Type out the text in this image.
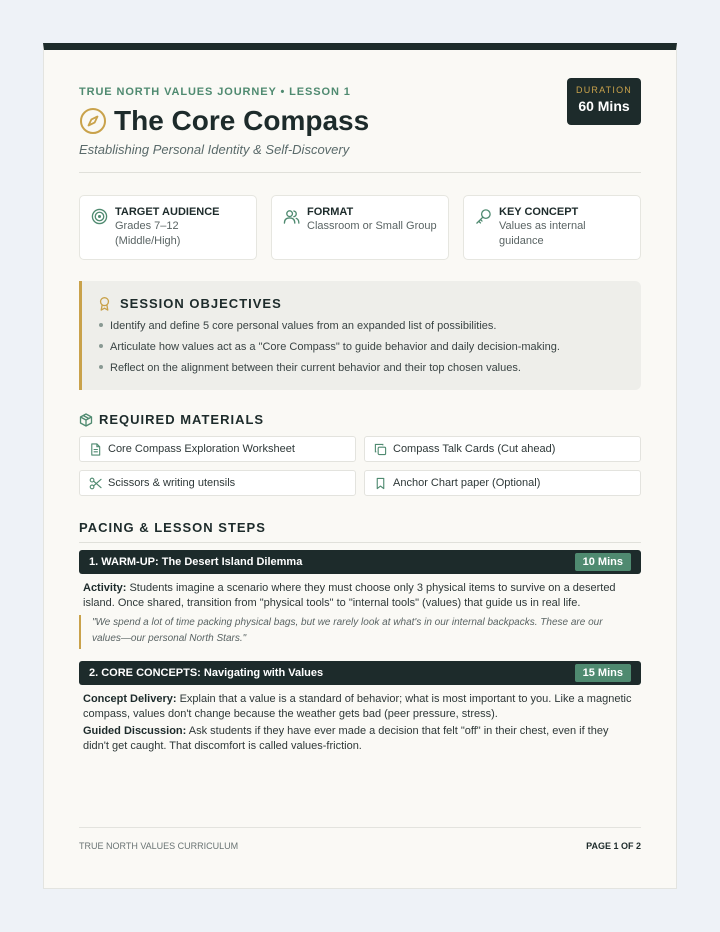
TRUE NORTH VALUES JOURNEY • LESSON 1
The Core Compass
Establishing Personal Identity & Self-Discovery
DURATION
60 Mins
TARGET AUDIENCE
Grades 7–12
(Middle/High)
FORMAT
Classroom or Small Group
KEY CONCEPT
Values as internal
guidance
SESSION OBJECTIVES
Identify and define 5 core personal values from an expanded list of possibilities.
Articulate how values act as a "Core Compass" to guide behavior and daily decision-making.
Reflect on the alignment between their current behavior and their top chosen values.
REQUIRED MATERIALS
Core Compass Exploration Worksheet	Compass Talk Cards (Cut ahead)
Scissors & writing utensils	Anchor Chart paper (Optional)
PACING & LESSON STEPS
1. WARM-UP: The Desert Island Dilemma	10 Mins
Activity: Students imagine a scenario where they must choose only 3 physical items to survive on a deserted
island. Once shared, transition from "physical tools" to "internal tools" (values) that guide us in real life.
"We spend a lot of time packing physical bags, but we rarely look at what's in our internal backpacks. These are our
values—our personal North Stars."
2. CORE CONCEPTS: Navigating with Values	15 Mins
Concept Delivery: Explain that a value is a standard of behavior; what is most important to you. Like a magnetic
compass, values don't change because the weather gets bad (peer pressure, stress).
Guided Discussion: Ask students if they have ever made a decision that felt "off" in their chest, even if they
didn't get caught. That discomfort is called values-friction.
TRUE NORTH VALUES CURRICULUM	PAGE 1 OF 2
